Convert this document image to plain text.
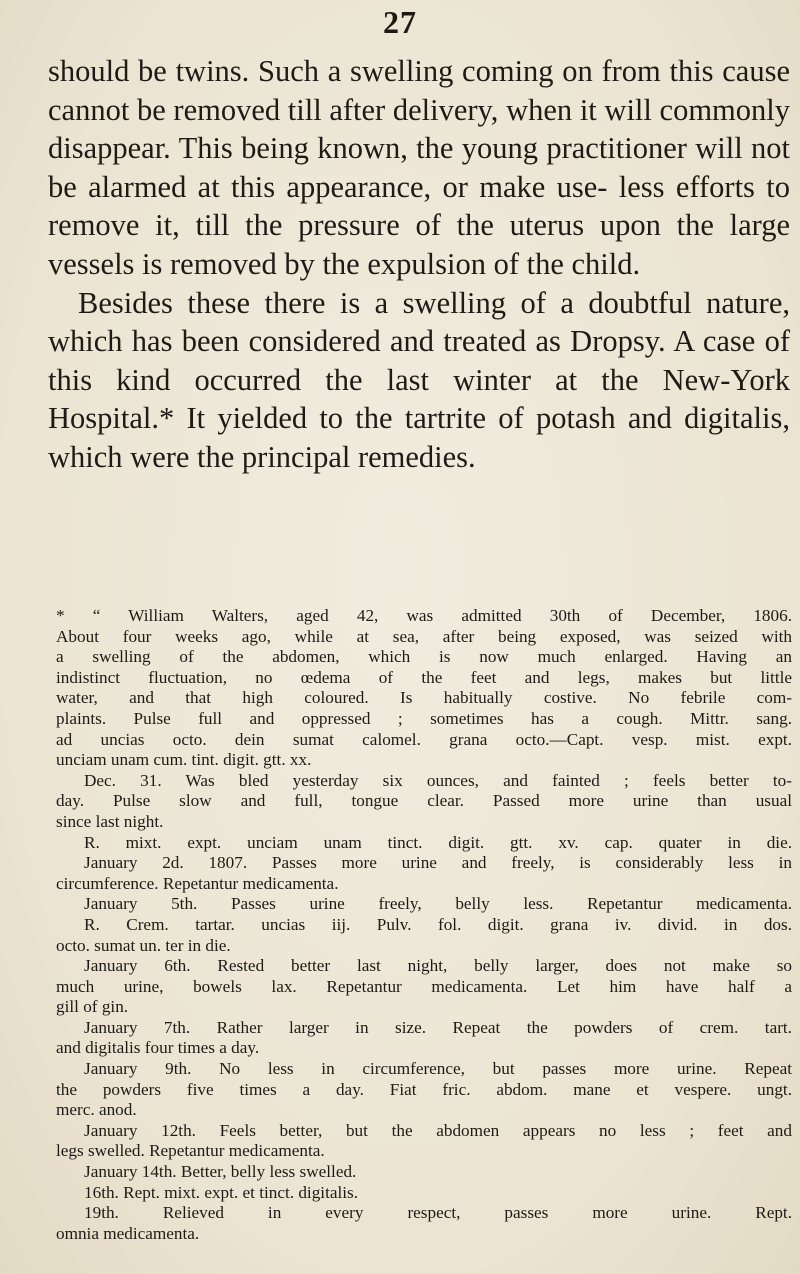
27

should be twins. Such a swelling coming on from this cause cannot be removed till after delivery, when it will commonly disappear. This being known, the young practitioner will not be alarmed at this appearance, or make use- less efforts to remove it, till the pressure of the uterus upon the large vessels is removed by the expulsion of the child.

Besides these there is a swelling of a doubtful nature, which has been considered and treated as Dropsy. A case of this kind occurred the last winter at the New-York Hospital.* It yielded to the tartrite of potash and digitalis, which were the principal remedies.

* “ William Walters, aged 42, was admitted 30th of December, 1806.
About four weeks ago, while at sea, after being exposed, was seized with
a swelling of the abdomen, which is now much enlarged. Having an
indistinct fluctuation, no œdema of the feet and legs, makes but little
water, and that high coloured. Is habitually costive. No febrile com-
plaints. Pulse full and oppressed ; sometimes has a cough. Mittr. sang.
ad uncias octo. dein sumat calomel. grana octo.—Capt. vesp. mist. expt.
unciam unam cum. tint. digit. gtt. xx.
Dec. 31. Was bled yesterday six ounces, and fainted ; feels better to-
day. Pulse slow and full, tongue clear. Passed more urine than usual
since last night.
R. mixt. expt. unciam unam tinct. digit. gtt. xv. cap. quater in die.
January 2d. 1807. Passes more urine and freely, is considerably less in
circumference. Repetantur medicamenta.
January 5th. Passes urine freely, belly less. Repetantur medicamenta.
R. Crem. tartar. uncias iij. Pulv. fol. digit. grana iv. divid. in dos.
octo. sumat un. ter in die.
January 6th. Rested better last night, belly larger, does not make so
much urine, bowels lax. Repetantur medicamenta. Let him have half a
gill of gin.
January 7th. Rather larger in size. Repeat the powders of crem. tart.
and digitalis four times a day.
January 9th. No less in circumference, but passes more urine. Repeat
the powders five times a day. Fiat fric. abdom. mane et vespere. ungt.
merc. anod.
January 12th. Feels better, but the abdomen appears no less ; feet and
legs swelled. Repetantur medicamenta.
January 14th. Better, belly less swelled.
16th. Rept. mixt. expt. et tinct. digitalis.
19th. Relieved in every respect, passes more urine. Rept.
omnia medicamenta.
